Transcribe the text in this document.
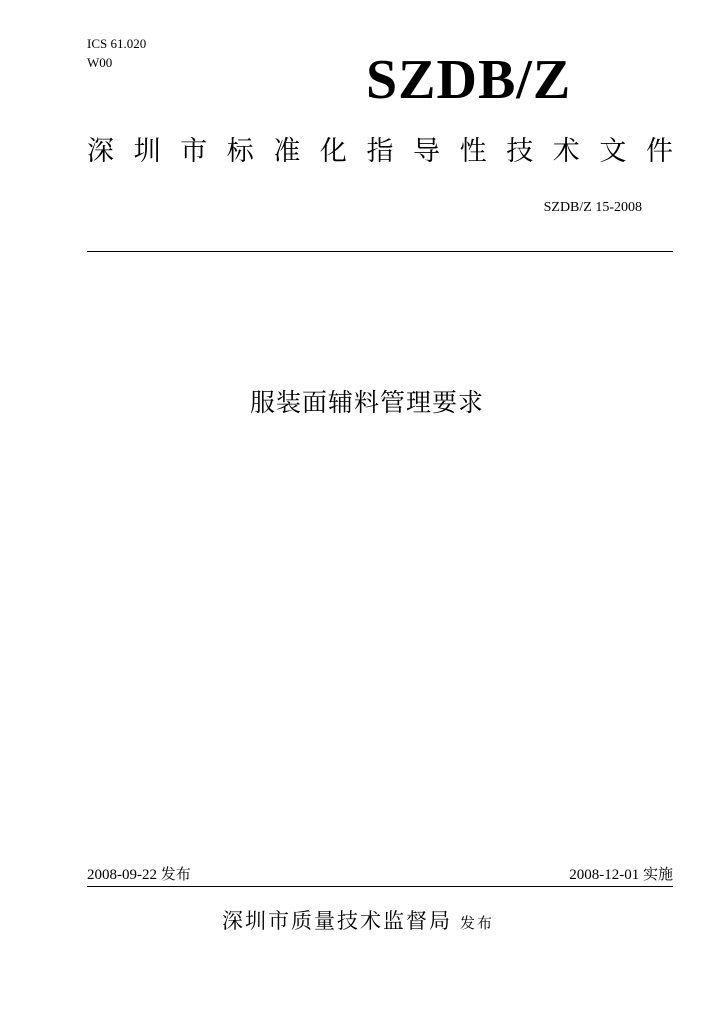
ICS 61.020
W00	SZDB/Z
深 圳 市 标 准 化 指 导 性 技 术 文 件
SZDB/Z 15-2008
服装面辅料管理要求
2008-09-22 发布	2008-12-01 实施
深圳市质量技术监督局 发布
